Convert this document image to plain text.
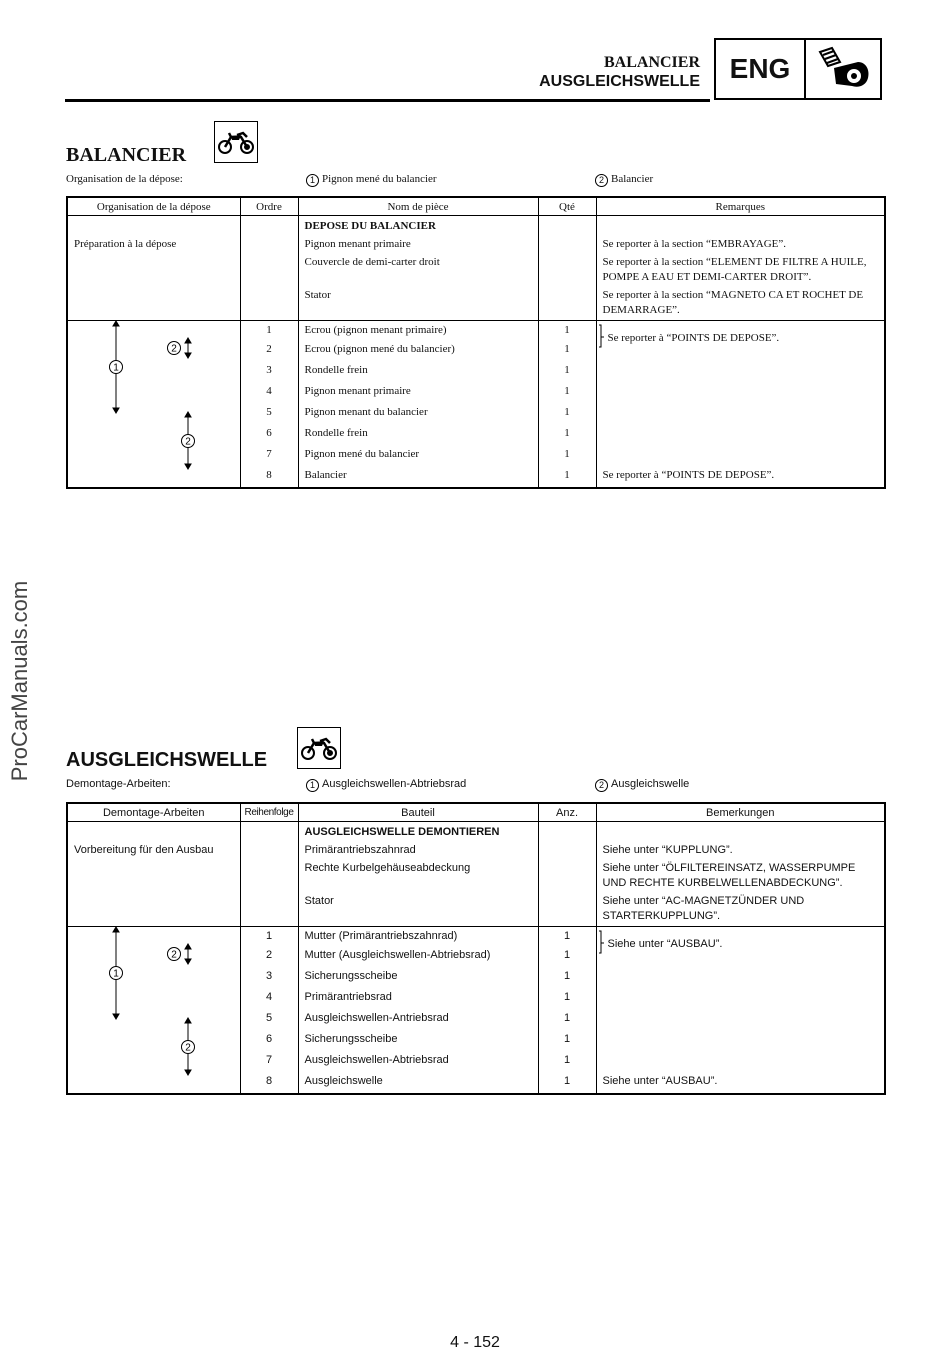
BALANCIER
AUSGLEICHSWELLE	ENG
ProCarManuals.com
BALANCIER
Organisation de la dépose:	1 Pignon mené du balancier	2 Balancier
Organisation de la dépose	Ordre	Nom de pièce	Qté	Remarques
		DEPOSE DU BALANCIER		
Préparation à la dépose		Pignon menant primaire		Se reporter à la section “EMBRAYAGE”.
		Couvercle de demi-carter droit		Se reporter à la section “ELEMENT DE FILTRE A HUILE, POMPE A EAU ET DEMI-CARTER DROIT”.
		Stator		Se reporter à la section “MAGNETO CA ET ROCHET DE DEMARRAGE”.

1
2
2	1	Ecrou (pignon menant primaire)	1	Se reporter à “POINTS DE DEPOSE”.

	2	Ecrou (pignon mené du balancier)	1	
	3	Rondelle frein	1	
	4	Pignon menant primaire	1	
	5	Pignon menant du balancier	1	
	6	Rondelle frein	1	
	7	Pignon mené du balancier	1	
	8	Balancier	1	Se reporter à “POINTS DE DEPOSE”.
AUSGLEICHSWELLE
Demontage-Arbeiten:	1 Ausgleichswellen-Abtriebsrad	2 Ausgleichswelle
Demontage-Arbeiten	Reihenfolge	Bauteil	Anz.	Bemerkungen
		AUSGLEICHSWELLE DEMONTIEREN		
Vorbereitung für den Ausbau		Primärantriebszahnrad		Siehe unter “KUPPLUNG”.
		Rechte Kurbelgehäuseabdeckung		Siehe unter “ÖLFILTEREINSATZ, WASSERPUMPE UND RECHTE KURBELWELLENABDECKUNG”.
		Stator		Siehe unter “AC-MAGNETZÜNDER UND STARTERKUPPLUNG”.

1
2
2	1	Mutter (Primärantriebszahnrad)	1	Siehe unter “AUSBAU”.

	2	Mutter (Ausgleichswellen-Abtriebsrad)	1	
	3	Sicherungsscheibe	1	
	4	Primärantriebsrad	1	
	5	Ausgleichswellen-Antriebsrad	1	
	6	Sicherungsscheibe	1	
	7	Ausgleichswellen-Abtriebsrad	1	
	8	Ausgleichswelle	1	Siehe unter “AUSBAU”.
4 - 152
